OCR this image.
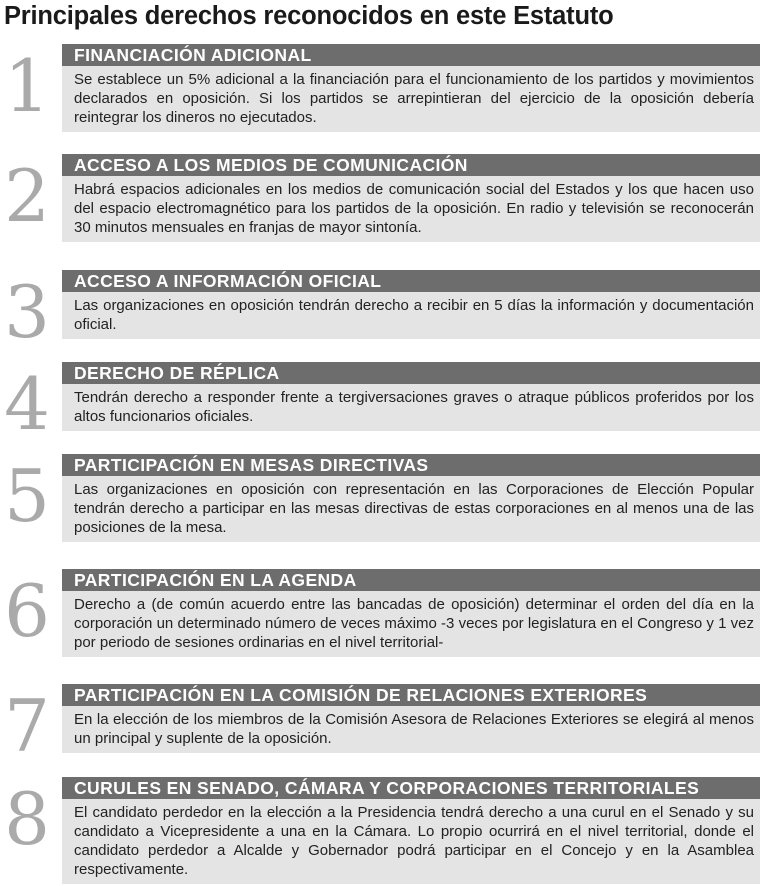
Principales derechos reconocidos en este Estatuto
1	FINANCIACIÓN ADICIONAL
Se establece un 5% adicional a la financiación para el funcionamiento de los partidos y movimientos declarados en oposición. Si los partidos se arrepintieran del ejercicio de la oposición debería reintegrar los dineros no ejecutados.
2	ACCESO A LOS MEDIOS DE COMUNICACIÓN
Habrá espacios adicionales en los medios de comunicación social del Estados y los que hacen uso del espacio electromagnético para los partidos de la oposición. En radio y televisión se reconocerán 30 minutos mensuales en franjas de mayor sintonía.
3	ACCESO A INFORMACIÓN OFICIAL
Las organizaciones en oposición tendrán derecho a recibir en 5 días la información y documentación oficial.
4	DERECHO DE RÉPLICA
Tendrán derecho a responder frente a tergiversaciones graves o atraque públicos proferidos por los altos funcionarios oficiales.
5	PARTICIPACIÓN EN MESAS DIRECTIVAS
Las organizaciones en oposición con representación en las Corporaciones de Elección Popular tendrán derecho a participar en las mesas directivas de estas corporaciones en al menos una de las posiciones de la mesa.
6	PARTICIPACIÓN EN LA AGENDA
Derecho a (de común acuerdo entre las bancadas de oposición) determinar el orden del día en la corporación un determinado número de veces máximo -3 veces por legislatura en el Congreso y 1 vez por periodo de sesiones ordinarias en el nivel territorial-
7	PARTICIPACIÓN EN LA COMISIÓN DE RELACIONES EXTERIORES
En la elección de los miembros de la Comisión Asesora de Relaciones Exteriores se elegirá al menos un principal y suplente de la oposición.
8	CURULES EN SENADO, CÁMARA Y CORPORACIONES TERRITORIALES
El candidato perdedor en la elección a la Presidencia tendrá derecho a una curul en el Senado y su candidato a Vicepresidente a una en la Cámara. Lo propio ocurrirá en el nivel territorial, donde el candidato perdedor a Alcalde y Gobernador podrá participar en el Concejo y en la Asamblea respectivamente.
